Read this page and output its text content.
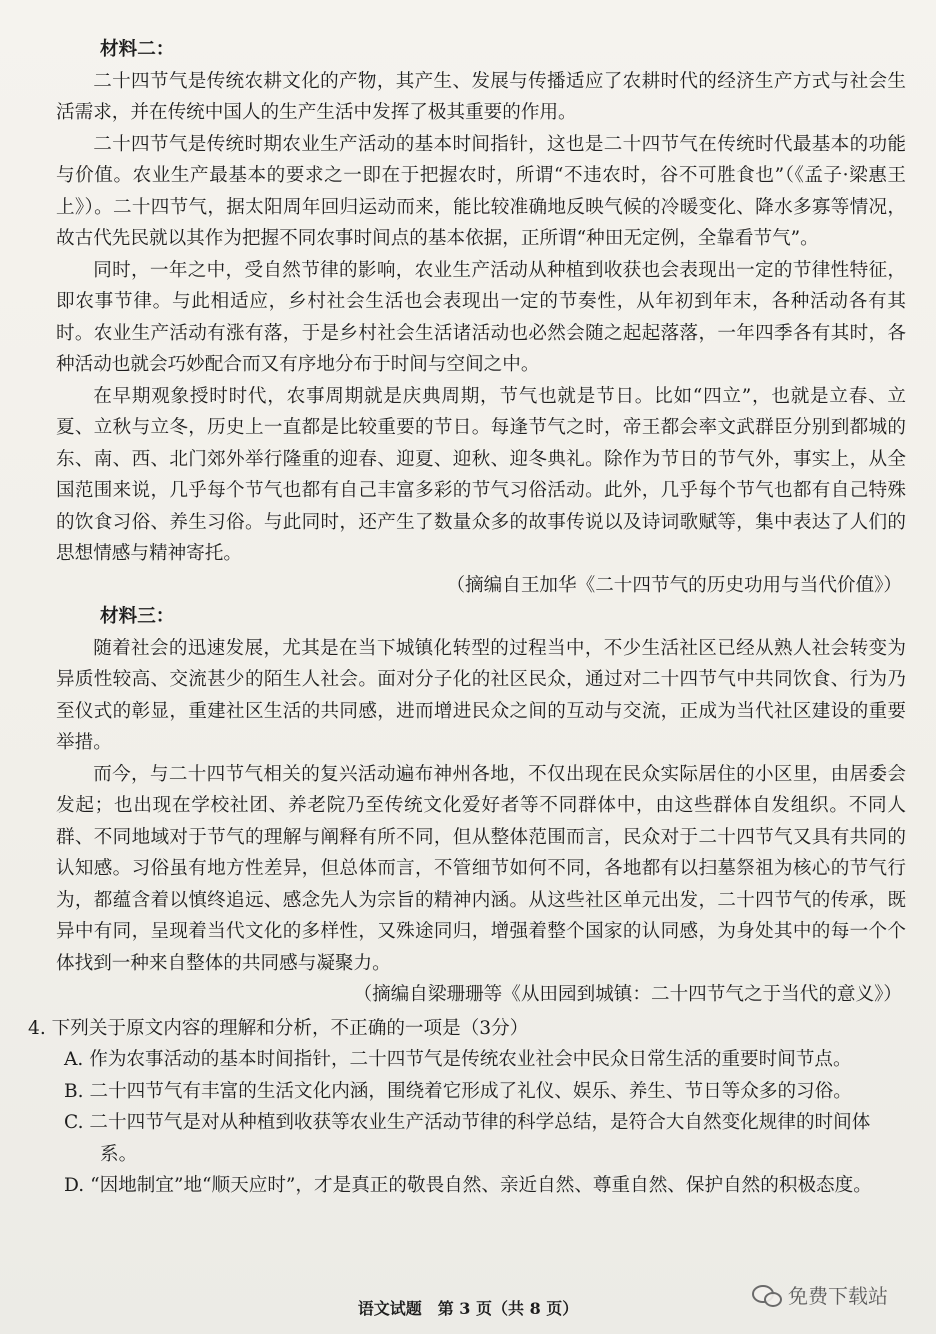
材料二：
二十四节气是传统农耕文化的产物，其产生、发展与传播适应了农耕时代的经济生产方式与社会生活需求，并在传统中国人的生产生活中发挥了极其重要的作用。
二十四节气是传统时期农业生产活动的基本时间指针，这也是二十四节气在传统时代最基本的功能与价值。农业生产最基本的要求之一即在于把握农时，所谓“不违农时，谷不可胜食也”（《孟子·梁惠王上》）。二十四节气，据太阳周年回归运动而来，能比较准确地反映气候的冷暖变化、降水多寡等情况，故古代先民就以其作为把握不同农事时间点的基本依据，正所谓“种田无定例，全靠看节气”。
同时，一年之中，受自然节律的影响，农业生产活动从种植到收获也会表现出一定的节律性特征，即农事节律。与此相适应，乡村社会生活也会表现出一定的节奏性，从年初到年末，各种活动各有其时。农业生产活动有涨有落，于是乡村社会生活诸活动也必然会随之起起落落，一年四季各有其时，各种活动也就会巧妙配合而又有序地分布于时间与空间之中。
在早期观象授时时代，农事周期就是庆典周期，节气也就是节日。比如“四立”，也就是立春、立夏、立秋与立冬，历史上一直都是比较重要的节日。每逢节气之时，帝王都会率文武群臣分别到都城的东、南、西、北门郊外举行隆重的迎春、迎夏、迎秋、迎冬典礼。除作为节日的节气外，事实上，从全国范围来说，几乎每个节气也都有自己丰富多彩的节气习俗活动。此外，几乎每个节气也都有自己特殊的饮食习俗、养生习俗。与此同时，还产生了数量众多的故事传说以及诗词歌赋等，集中表达了人们的思想情感与精神寄托。
（摘编自王加华《二十四节气的历史功用与当代价值》）
材料三：
随着社会的迅速发展，尤其是在当下城镇化转型的过程当中，不少生活社区已经从熟人社会转变为异质性较高、交流甚少的陌生人社会。面对分子化的社区民众，通过对二十四节气中共同饮食、行为乃至仪式的彰显，重建社区生活的共同感，进而增进民众之间的互动与交流，正成为当代社区建设的重要举措。
而今，与二十四节气相关的复兴活动遍布神州各地，不仅出现在民众实际居住的小区里，由居委会发起；也出现在学校社团、养老院乃至传统文化爱好者等不同群体中，由这些群体自发组织。不同人群、不同地域对于节气的理解与阐释有所不同，但从整体范围而言，民众对于二十四节气又具有共同的认知感。习俗虽有地方性差异，但总体而言，不管细节如何不同，各地都有以扫墓祭祖为核心的节气行为，都蕴含着以慎终追远、感念先人为宗旨的精神内涵。从这些社区单元出发，二十四节气的传承，既异中有同，呈现着当代文化的多样性，又殊途同归，增强着整个国家的认同感，为身处其中的每一个个体找到一种来自整体的共同感与凝聚力。
（摘编自梁珊珊等《从田园到城镇：二十四节气之于当代的意义》）
4. 下列关于原文内容的理解和分析，不正确的一项是（3分）
A. 作为农事活动的基本时间指针，二十四节气是传统农业社会中民众日常生活的重要时间节点。
B. 二十四节气有丰富的生活文化内涵，围绕着它形成了礼仪、娱乐、养生、节日等众多的习俗。
C. 二十四节气是对从种植到收获等农业生产活动节律的科学总结，是符合大自然变化规律的时间体系。
D. “因地制宜”地“顺天应时”，才是真正的敬畏自然、亲近自然、尊重自然、保护自然的积极态度。
免费下载站
语文试题　第 3 页（共 8 页）
